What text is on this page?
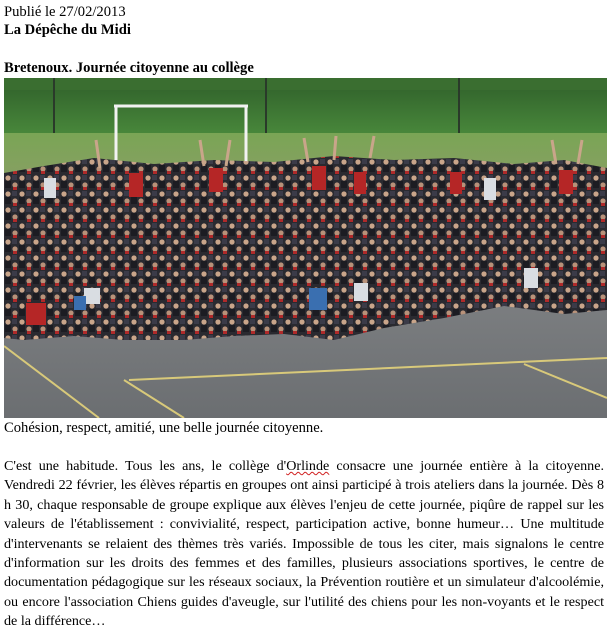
Publié le 27/02/2013
La Dépêche du Midi
Bretenoux. Journée citoyenne au collège
Cohésion, respect, amitié, une belle journée citoyenne.

C'est une habitude. Tous les ans, le collège d'Orlinde consacre une journée entière à la citoyenne. Vendredi 22 février, les élèves répartis en groupes ont ainsi participé à trois ateliers dans la journée. Dès 8 h 30, chaque responsable de groupe explique aux élèves l'enjeu de cette journée, piqûre de rappel sur les valeurs de l'établissement : convivialité, respect, participation active, bonne humeur… Une multitude d'intervenants se relaient des thèmes très variés. Impossible de tous les citer, mais signalons le centre d'information sur les droits des femmes et des familles, plusieurs associations sportives, le centre de documentation pédagogique sur les réseaux sociaux, la Prévention routière et un simulateur d'alcoolémie, ou encore l'association Chiens guides d'aveugle, sur l'utilité des chiens pour les non-voyants et le respect de la différence…
